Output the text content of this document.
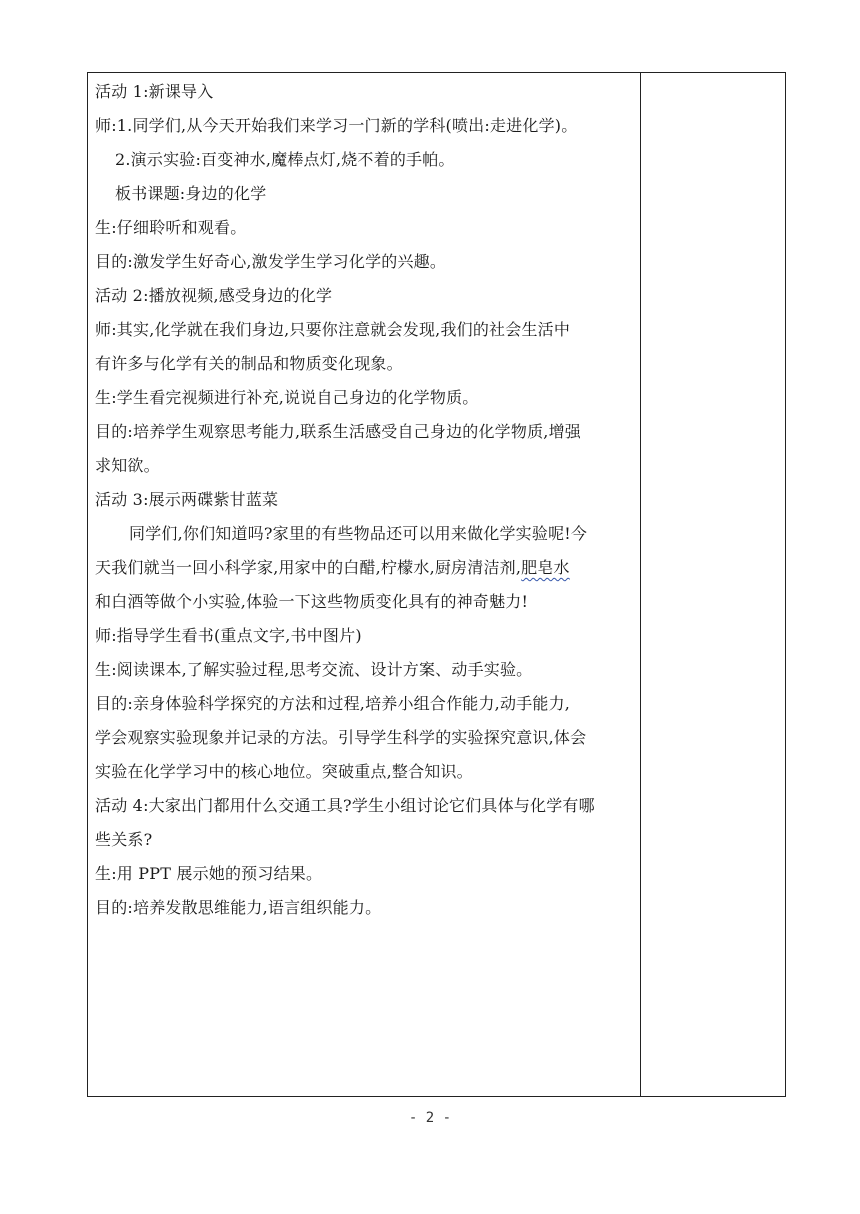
活动 1:新课导入
师:1.同学们,从今天开始我们来学习一门新的学科(喷出:走进化学)。
2.演示实验:百变神水,魔棒点灯,烧不着的手帕。
板书课题:身边的化学
生:仔细聆听和观看。
目的:激发学生好奇心,激发学生学习化学的兴趣。
活动 2:播放视频,感受身边的化学
师:其实,化学就在我们身边,只要你注意就会发现,我们的社会生活中
有许多与化学有关的制品和物质变化现象。
生:学生看完视频进行补充,说说自己身边的化学物质。
目的:培养学生观察思考能力,联系生活感受自己身边的化学物质,增强
求知欲。
活动 3:展示两碟紫甘蓝菜
同学们,你们知道吗?家里的有些物品还可以用来做化学实验呢!今
天我们就当一回小科学家,用家中的白醋,柠檬水,厨房清洁剂,肥皂水
和白酒等做个小实验,体验一下这些物质变化具有的神奇魅力!
师:指导学生看书(重点文字,书中图片)
生:阅读课本,了解实验过程,思考交流、设计方案、动手实验。
目的:亲身体验科学探究的方法和过程,培养小组合作能力,动手能力,
学会观察实验现象并记录的方法。引导学生科学的实验探究意识,体会
实验在化学学习中的核心地位。突破重点,整合知识。
活动 4:大家出门都用什么交通工具?学生小组讨论它们具体与化学有哪
些关系?
生:用 PPT 展示她的预习结果。
目的:培养发散思维能力,语言组织能力。
- 2 -
